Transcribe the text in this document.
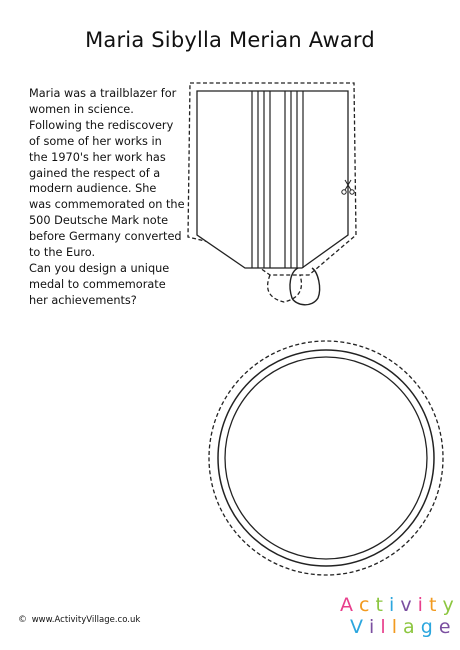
Maria Sibylla Merian Award
Maria was a trailblazer for
women in science.
Following the rediscovery
of some of her works in
the 1970's her work has
gained the respect of a
modern audience. She
was commemorated on the
500 Deutsche Mark note
before Germany converted
to the Euro.
Can you design a unique
medal to commemorate
her achievements?
© www.ActivityVillage.co.uk
A c t i v i t y
V i l l a g e
